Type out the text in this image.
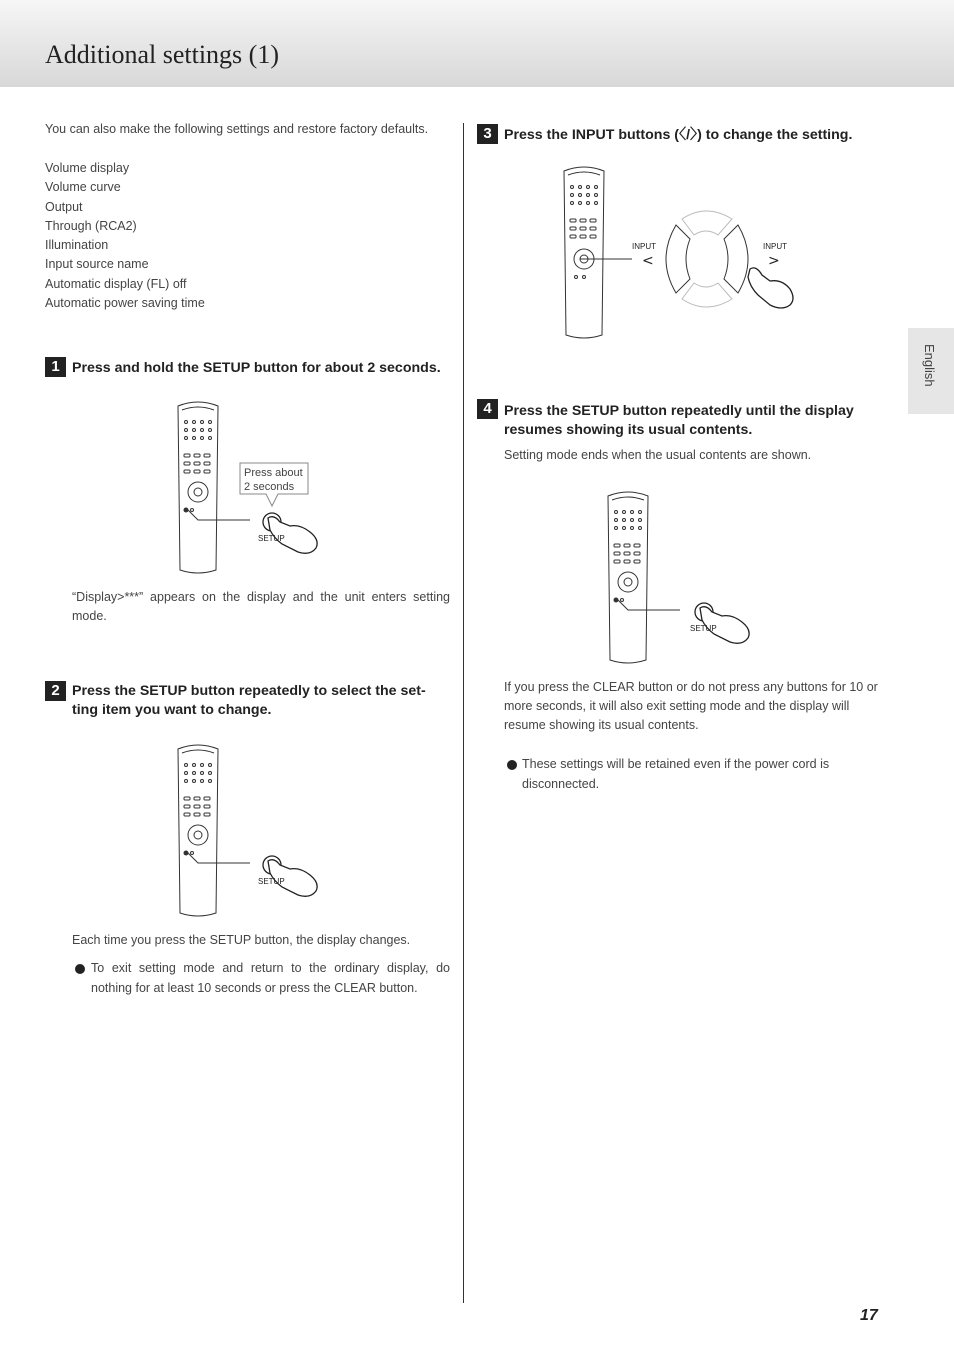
Additional settings (1)
English
You can also make the following settings and restore factory defaults.
Volume display
Volume curve
Output
Through (RCA2)
Illumination
Input source name
Automatic display (FL) off
Automatic power saving time
1 Press and hold the SETUP button for about 2 seconds.
SETUP
Press about
2 seconds
“Display>***” appears on the display and the unit enters setting mode.
2 Press the SETUP button repeatedly to select the set-
ting item you want to change.
SETUP
Each time you press the SETUP button, the display changes.
To exit setting mode and return to the ordinary display, do nothing for at least 10 seconds or press the CLEAR button.
3 Press the INPUT buttons (〈/〉) to change the setting.
INPUT
<
INPUT
>
4 Press the SETUP button repeatedly until the display
resumes showing its usual contents.
Setting mode ends when the usual contents are shown.
SETUP
If you press the CLEAR button or do not press any buttons for 10 or more seconds, it will also exit setting mode and the display will resume showing its usual contents.
These settings will be retained even if the power cord is disconnected.
17
